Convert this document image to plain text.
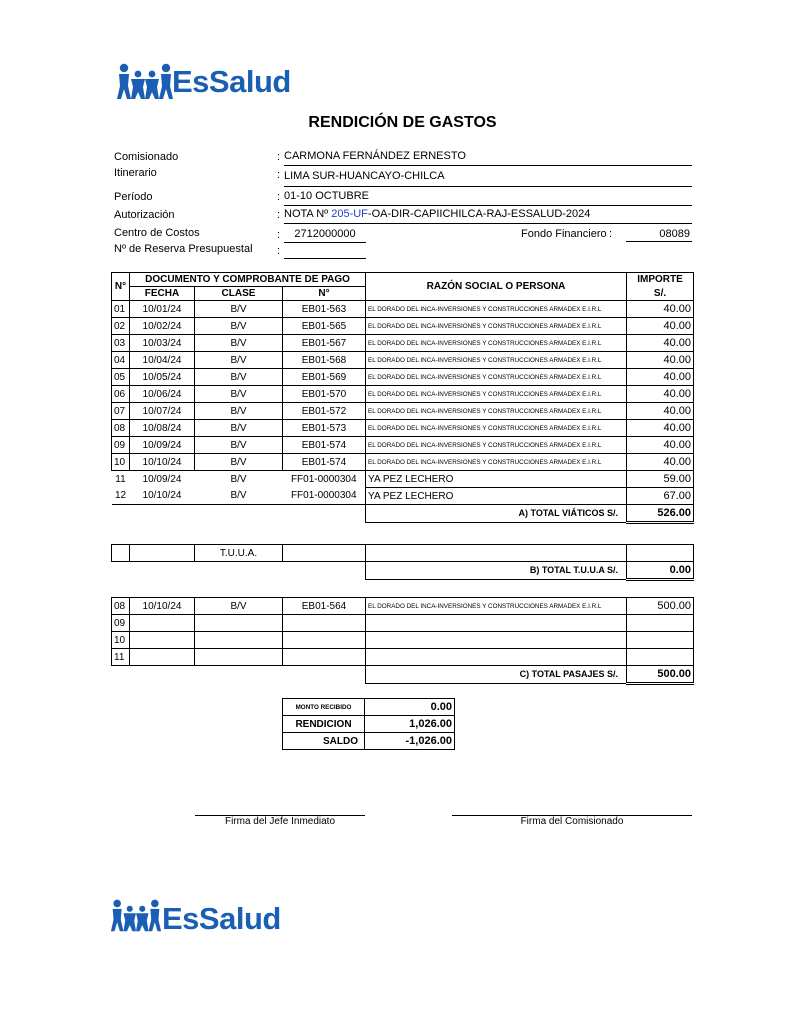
EsSalud
RENDICIÓN DE GASTOS
Comisionado	: CARMONA FERNÁNDEZ ERNESTO
Itinerario	: LIMA SUR-HUANCAYO-CHILCA
Período	: 01-10 OCTUBRE
Autorización	: NOTA Nº 205-UF-OA-DIR-CAPIICHILCA-RAJ-ESSALUD-2024
Centro de Costos	:	2712000000	Fondo Financiero :	08089
Nº de Reserva Presupuestal :
N°	DOCUMENTO Y COMPROBANTE DE PAGO			RAZÓN SOCIAL O PERSONA	IMPORTE
	FECHA	CLASE	N°		S/.
01	10/01/24	B/V	EB01-563	EL DORADO DEL INCA-INVERSIONES Y CONSTRUCCIONES ARMADEX E.I.R.L	40.00
02	10/02/24	B/V	EB01-565	EL DORADO DEL INCA-INVERSIONES Y CONSTRUCCIONES ARMADEX E.I.R.L	40.00
03	10/03/24	B/V	EB01-567	EL DORADO DEL INCA-INVERSIONES Y CONSTRUCCIONES ARMADEX E.I.R.L	40.00
04	10/04/24	B/V	EB01-568	EL DORADO DEL INCA-INVERSIONES Y CONSTRUCCIONES ARMADEX E.I.R.L	40.00
05	10/05/24	B/V	EB01-569	EL DORADO DEL INCA-INVERSIONES Y CONSTRUCCIONES ARMADEX E.I.R.L	40.00
06	10/06/24	B/V	EB01-570	EL DORADO DEL INCA-INVERSIONES Y CONSTRUCCIONES ARMADEX E.I.R.L	40.00
07	10/07/24	B/V	EB01-572	EL DORADO DEL INCA-INVERSIONES Y CONSTRUCCIONES ARMADEX E.I.R.L	40.00
08	10/08/24	B/V	EB01-573	EL DORADO DEL INCA-INVERSIONES Y CONSTRUCCIONES ARMADEX E.I.R.L	40.00
09	10/09/24	B/V	EB01-574	EL DORADO DEL INCA-INVERSIONES Y CONSTRUCCIONES ARMADEX E.I.R.L	40.00
10	10/10/24	B/V	EB01-574	EL DORADO DEL INCA-INVERSIONES Y CONSTRUCCIONES ARMADEX E.I.R.L	40.00
11	10/09/24	B/V	FF01-0000304	YA PEZ LECHERO	59.00
12	10/10/24	B/V	FF01-0000304	YA PEZ LECHERO	67.00
				A) TOTAL VIÁTICOS S/.	526.00
		T.U.U.A.			
				B) TOTAL T.U.U.A S/.	0.00
08	10/10/24	B/V	EB01-564	EL DORADO DEL INCA-INVERSIONES Y CONSTRUCCIONES ARMADEX E.I.R.L	500.00
09					
10					
11					
				C) TOTAL PASAJES S/.	500.00
MONTO RECIBIDO	0.00
RENDICION	1,026.00
SALDO	-1,026.00
Firma del Jefe Inmediato	Firma del Comisionado
EsSalud
